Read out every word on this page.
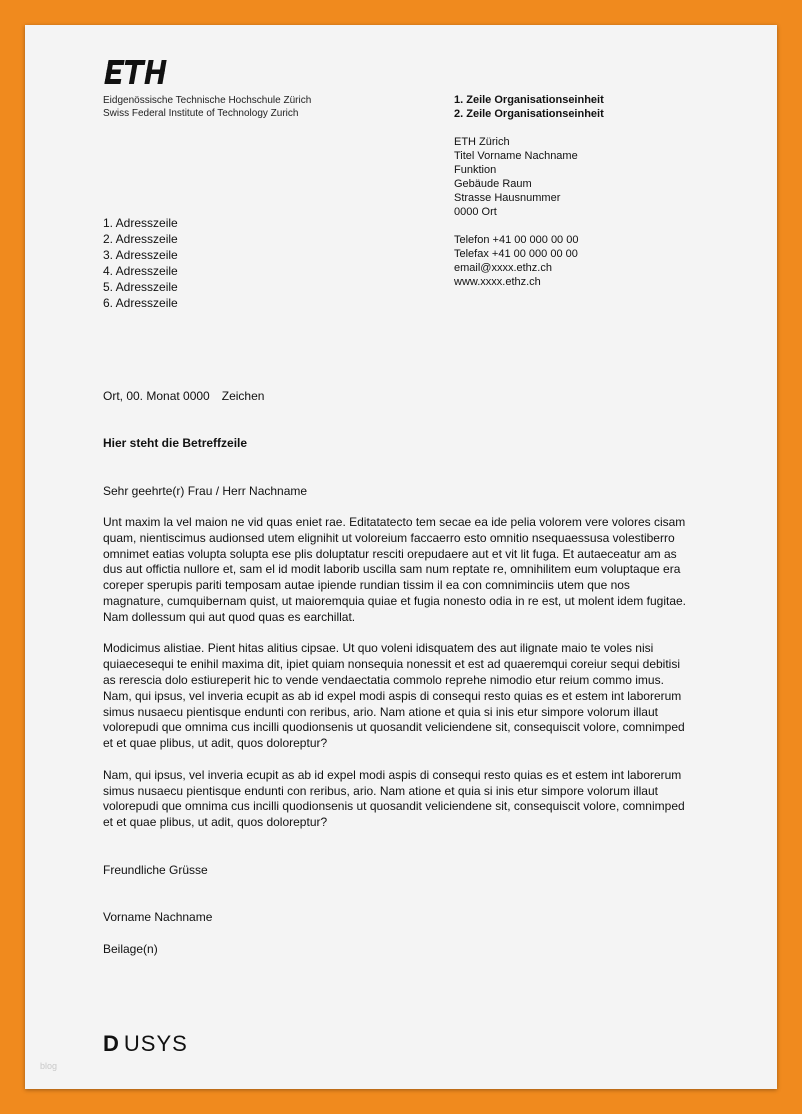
Eidgenössische Technische Hochschule Zürich
Swiss Federal Institute of Technology Zurich
1. Zeile Organisationseinheit
2. Zeile Organisationseinheit
ETH Zürich
Titel Vorname Nachname
Funktion
Gebäude Raum
Strasse Hausnummer
0000 Ort
Telefon +41 00 000 00 00
Telefax +41 00 000 00 00
email@xxxx.ethz.ch
www.xxxx.ethz.ch
1. Adresszeile
2. Adresszeile
3. Adresszeile
4. Adresszeile
5. Adresszeile
6. Adresszeile
Ort, 00. Monat 0000 Zeichen
Hier steht die Betreffzeile
Sehr geehrte(r) Frau / Herr Nachname

Unt maxim la vel maion ne vid quas eniet rae. Editatatecto tem secae ea ide pelia volorem vere volores cisam
quam, nientiscimus audionsed utem elignihit ut voloreium faccaerro esto omnitio nsequaessusa volestiberro
omnimet eatias volupta solupta ese plis doluptatur resciti orepudaere aut et vit lit fuga. Et autaeceatur am as
dus aut offictia nullore et, sam el id modit laborib uscilla sam num reptate re, omnihilitem eum voluptaque era
coreper sperupis pariti temposam autae ipiende rundian tissim il ea con comniminciis utem que nos
magnature, cumquibernam quist, ut maioremquia quiae et fugia nonesto odia in re est, ut molent idem fugitae.
Nam dollessum qui aut quod quas es earchillat.

Modicimus alistiae. Pient hitas alitius cipsae. Ut quo voleni idisquatem des aut ilignate maio te voles nisi
quiaecesequi te enihil maxima dit, ipiet quiam nonsequia nonessit et est ad quaeremqui coreiur sequi debitisi
as rerescia dolo estiureperit hic to vende vendaectatia commolo reprehe nimodio etur reium commo imus.
Nam, qui ipsus, vel inveria ecupit as ab id expel modi aspis di consequi resto quias es et estem int laborerum
simus nusaecu pientisque endunti con reribus, ario. Nam atione et quia si inis etur simpore volorum illaut
volorepudi que omnima cus incilli quodionsenis ut quosandit veliciendene sit, consequiscit volore, comnimped
et et quae plibus, ut adit, quos doloreptur?

Nam, qui ipsus, vel inveria ecupit as ab id expel modi aspis di consequi resto quias es et estem int laborerum
simus nusaecu pientisque endunti con reribus, ario. Nam atione et quia si inis etur simpore volorum illaut
volorepudi que omnima cus incilli quodionsenis ut quosandit veliciendene sit, consequiscit volore, comnimped
et et quae plibus, ut adit, quos doloreptur?

Freundliche Grüsse
Vorname Nachname
Beilage(n)
D USYS
blog
